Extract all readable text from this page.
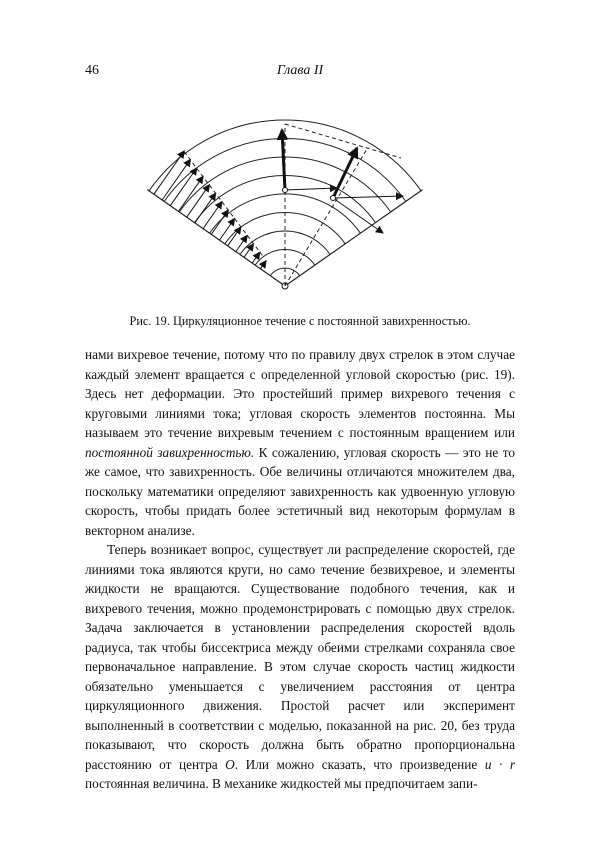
46	Глава II
Рис. 19. Циркуляционное течение с постоянной завихренностью.

нами вихревое течение, потому что по правилу двух стрелок в этом случае каждый элемент вращается с определенной угловой скоростью (рис. 19). Здесь нет деформации. Это простейший пример вихревого течения с круговыми линиями тока; угловая скорость элементов постоянна. Мы называем это течение вихревым течением с постоянным вращением или постоянной завихренностью. К сожалению, угловая скорость — это не то же самое, что завихренность. Обе величины отличаются множителем два, поскольку математики определяют завихренность как удвоенную угловую скорость, чтобы придать более эстетичный вид некоторым формулам в векторном анализе.

Теперь возникает вопрос, существует ли распределение скоростей, где линиями тока являются круги, но само течение безвихревое, и элементы жидкости не вращаются. Существование подобного течения, как и вихревого течения, можно продемонстрировать с помощью двух стрелок. Задача заключается в установлении распределения скоростей вдоль радиуса, так чтобы биссектриса между обеими стрелками сохраняла свое первоначальное направление. В этом случае скорость частиц жидкости обязательно уменьшается с увеличением расстояния от центра циркуляционного движения. Простой расчет или эксперимент выполненный в соответствии с моделью, показанной на рис. 20, без труда показывают, что скорость должна быть обратно пропорциональна расстоянию от центра O. Или можно сказать, что произведение u · r постоянная величина. В механике жидкостей мы предпочитаем запи-
